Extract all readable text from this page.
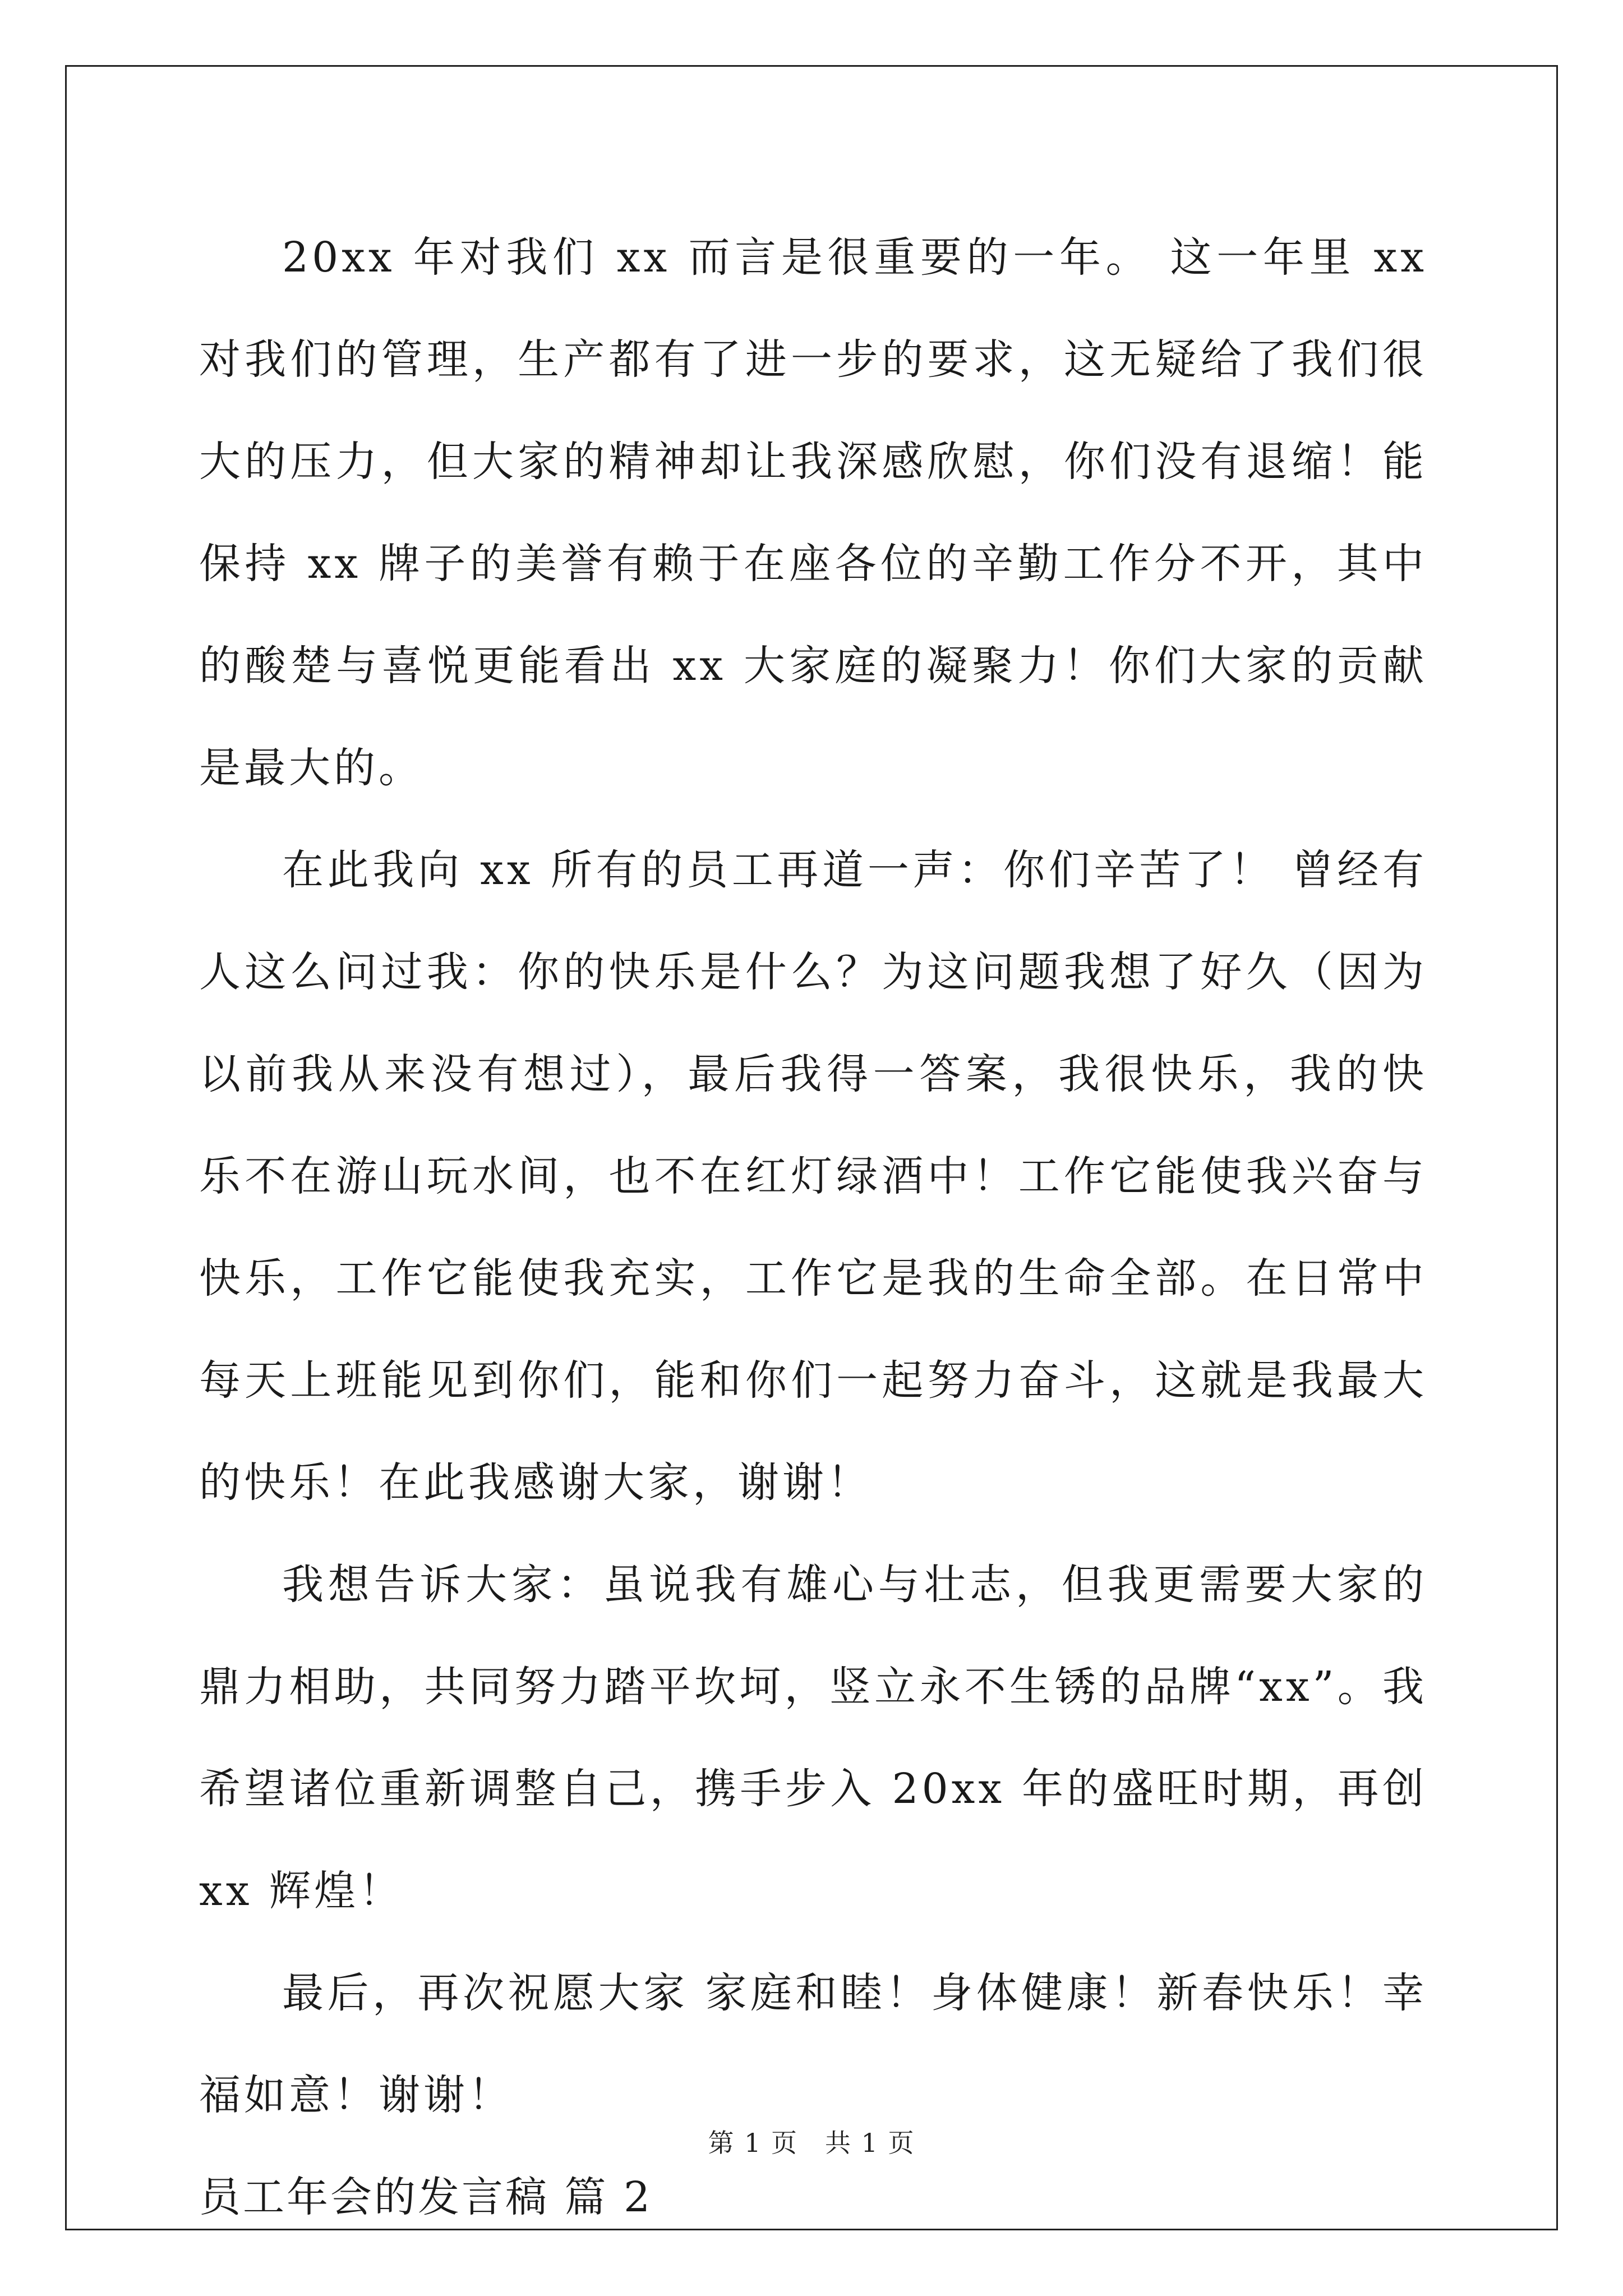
20xx 年对我们 xx 而言是很重要的一年。 这一年里 xx 对我们的管理，生产都有了进一步的要求，这无疑给了我们很大的压力，但大家的精神却让我深感欣慰，你们没有退缩！能保持 xx 牌子的美誉有赖于在座各位的辛勤工作分不开，其中的酸楚与喜悦更能看出 xx 大家庭的凝聚力！你们大家的贡献是最大的。

在此我向 xx 所有的员工再道一声：你们辛苦了！ 曾经有人这么问过我：你的快乐是什么？为这问题我想了好久（因为以前我从来没有想过），最后我得一答案，我很快乐，我的快乐不在游山玩水间，也不在红灯绿酒中！工作它能使我兴奋与快乐，工作它能使我充实，工作它是我的生命全部。在日常中每天上班能见到你们，能和你们一起努力奋斗，这就是我最大的快乐！在此我感谢大家，谢谢！

我想告诉大家：虽说我有雄心与壮志，但我更需要大家的鼎力相助，共同努力踏平坎坷，竖立永不生锈的品牌“xx”。我希望诸位重新调整自己，携手步入 20xx 年的盛旺时期，再创 xx 辉煌！

最后，再次祝愿大家 家庭和睦！身体健康！新春快乐！幸福如意！谢谢！

员工年会的发言稿 篇 2

第 1 页　共 1 页
